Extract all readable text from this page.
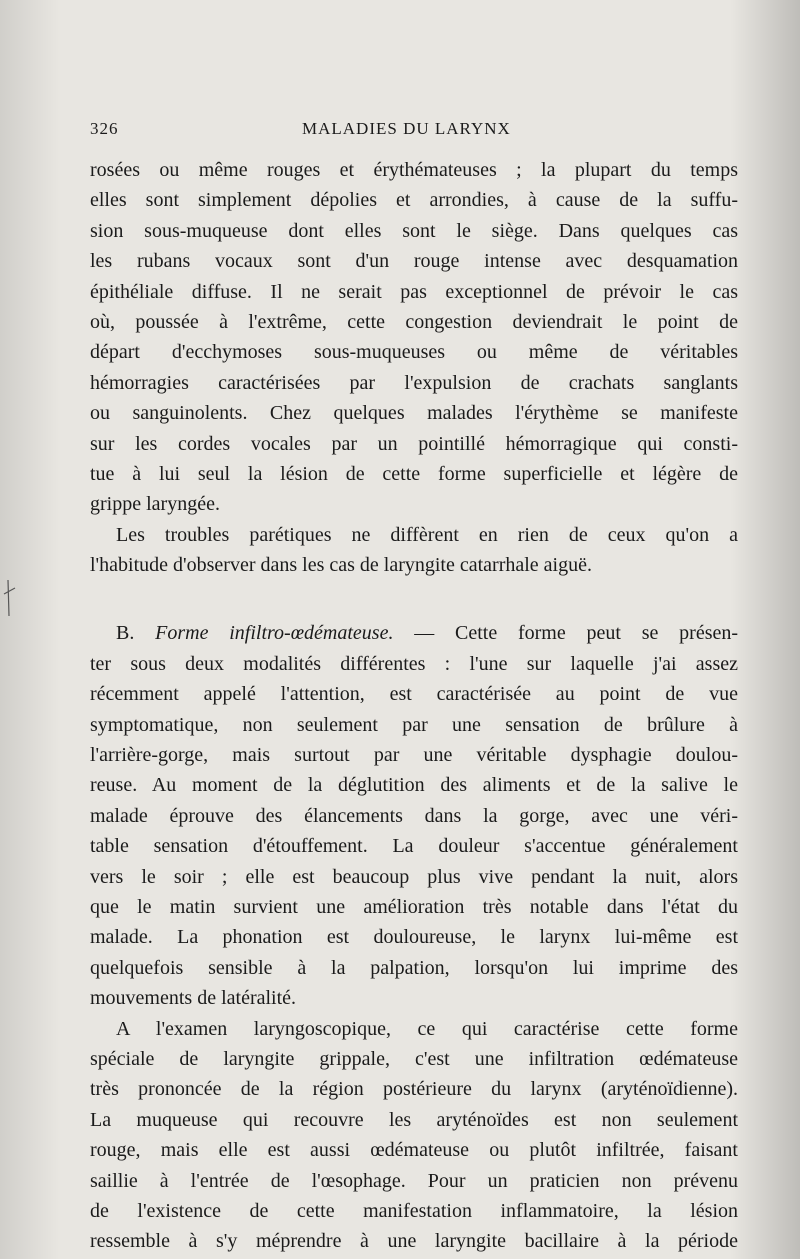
326	MALADIES DU LARYNX
rosées ou même rouges et érythémateuses ; la plupart du temps
elles sont simplement dépolies et arrondies, à cause de la suffu-
sion sous-muqueuse dont elles sont le siège. Dans quelques cas
les rubans vocaux sont d'un rouge intense avec desquamation
épithéliale diffuse. Il ne serait pas exceptionnel de prévoir le cas
où, poussée à l'extrême, cette congestion deviendrait le point de
départ d'ecchymoses sous-muqueuses ou même de véritables
hémorragies caractérisées par l'expulsion de crachats sanglants
ou sanguinolents. Chez quelques malades l'érythème se manifeste
sur les cordes vocales par un pointillé hémorragique qui consti-
tue à lui seul la lésion de cette forme superficielle et légère de
grippe laryngée.
Les troubles parétiques ne diffèrent en rien de ceux qu'on a
l'habitude d'observer dans les cas de laryngite catarrhale aiguë.
B. Forme infiltro-œdémateuse. — Cette forme peut se présen-
ter sous deux modalités différentes : l'une sur laquelle j'ai assez
récemment appelé l'attention, est caractérisée au point de vue
symptomatique, non seulement par une sensation de brûlure à
l'arrière-gorge, mais surtout par une véritable dysphagie doulou-
reuse. Au moment de la déglutition des aliments et de la salive le
malade éprouve des élancements dans la gorge, avec une véri-
table sensation d'étouffement. La douleur s'accentue généralement
vers le soir ; elle est beaucoup plus vive pendant la nuit, alors
que le matin survient une amélioration très notable dans l'état du
malade. La phonation est douloureuse, le larynx lui-même est
quelquefois sensible à la palpation, lorsqu'on lui imprime des
mouvements de latéralité.
A l'examen laryngoscopique, ce qui caractérise cette forme
spéciale de laryngite grippale, c'est une infiltration œdémateuse
très prononcée de la région postérieure du larynx (aryténoïdienne).
La muqueuse qui recouvre les aryténoïdes est non seulement
rouge, mais elle est aussi œdémateuse ou plutôt infiltrée, faisant
saillie à l'entrée de l'œsophage. Pour un praticien non prévenu
de l'existence de cette manifestation inflammatoire, la lésion
ressemble à s'y méprendre à une laryngite bacillaire à la période
